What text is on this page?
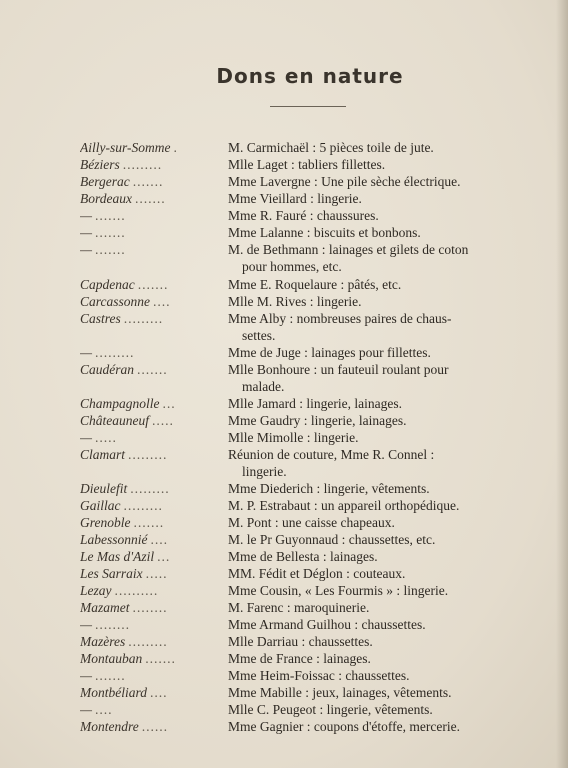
Dons en nature
Ailly-sur-Somme .	M. Carmichaël : 5 pièces toile de jute.
Béziers .........	Mlle Laget : tabliers fillettes.
Bergerac .......	Mme Lavergne : Une pile sèche électrique.
Bordeaux .......	Mme Vieillard : lingerie.
— .......	Mme R. Fauré : chaussures.
— .......	Mme Lalanne : biscuits et bonbons.
— .......	M. de Bethmann : lainages et gilets de coton
pour hommes, etc.
Capdenac .......	Mme E. Roquelaure : pâtés, etc.
Carcassonne ....	Mlle M. Rives : lingerie.
Castres .........	Mme Alby : nombreuses paires de chaus-
settes.
— .........	Mme de Juge : lainages pour fillettes.
Caudéran .......	Mlle Bonhoure : un fauteuil roulant pour
malade.
Champagnolle ...	Mlle Jamard : lingerie, lainages.
Châteauneuf .....	Mme Gaudry : lingerie, lainages.
— .....	Mlle Mimolle : lingerie.
Clamart .........	Réunion de couture, Mme R. Connel :
lingerie.
Dieulefit .........	Mme Diederich : lingerie, vêtements.
Gaillac .........	M. P. Estrabaut : un appareil orthopédique.
Grenoble .......	M. Pont : une caisse chapeaux.
Labessonnié ....	M. le Pr Guyonnaud : chaussettes, etc.
Le Mas d'Azil ...	Mme de Bellesta : lainages.
Les Sarraix .....	MM. Fédit et Déglon : couteaux.
Lezay ..........	Mme Cousin, « Les Fourmis » : lingerie.
Mazamet ........	M. Farenc : maroquinerie.
— ........	Mme Armand Guilhou : chaussettes.
Mazères .........	Mlle Darriau : chaussettes.
Montauban .......	Mme de France : lainages.
— .......	Mme Heim-Foissac : chaussettes.
Montbéliard ....	Mme Mabille : jeux, lainages, vêtements.
— ....	Mlle C. Peugeot : lingerie, vêtements.
Montendre ......	Mme Gagnier : coupons d'étoffe, mercerie.
